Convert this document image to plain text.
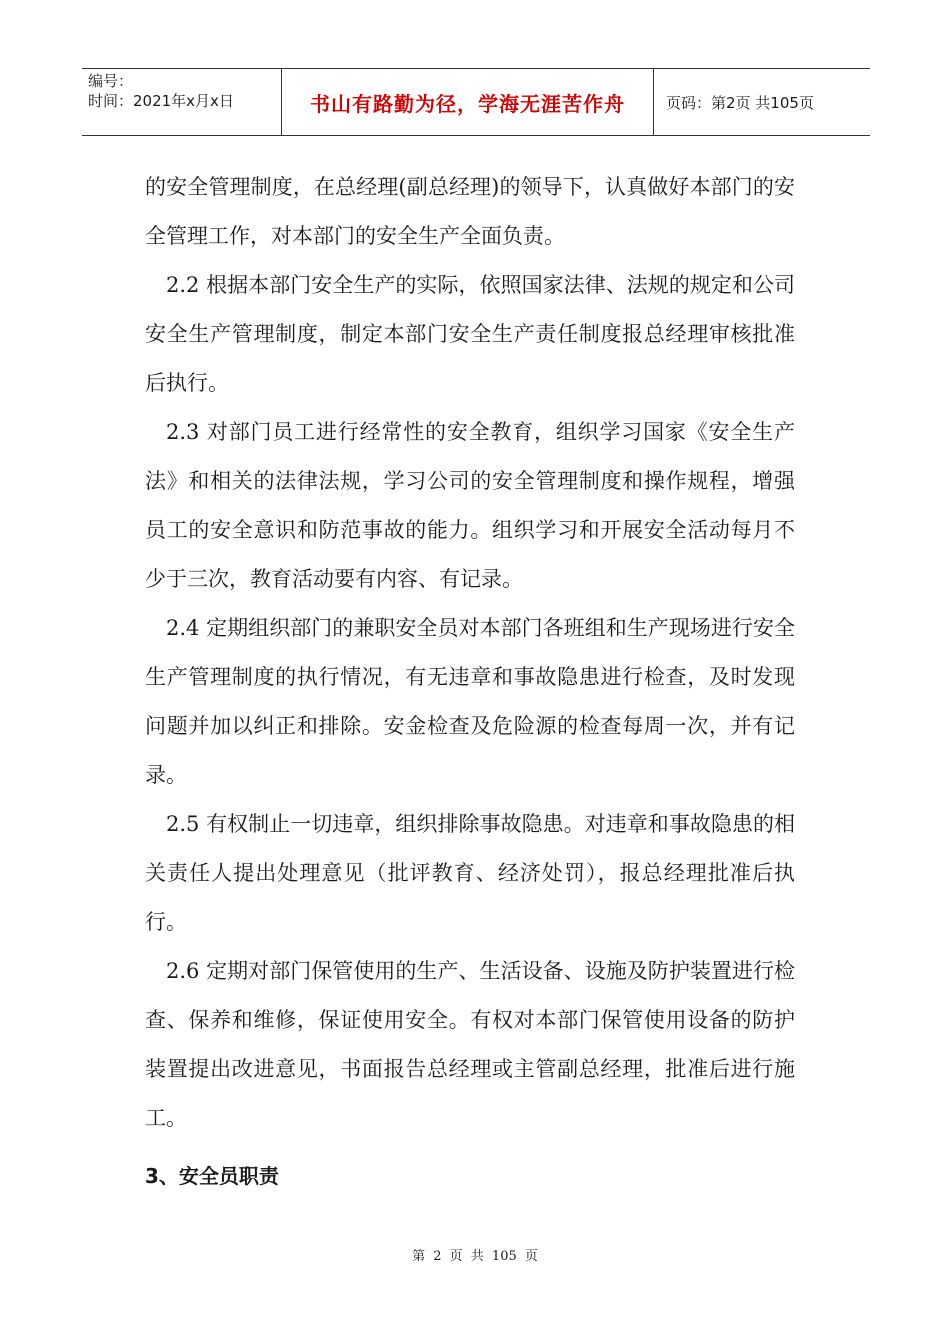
编号：
时间：2021年x月x日	书山有路勤为径，学海无涯苦作舟	页码：第2页 共105页

的安全管理制度，在总经理(副总经理)的领导下，认真做好本部门的安全管理工作，对本部门的安全生产全面负责。

2.2 根据本部门安全生产的实际，依照国家法律、法规的规定和公司安全生产管理制度，制定本部门安全生产责任制度报总经理审核批准后执行。

2.3 对部门员工进行经常性的安全教育，组织学习国家《安全生产法》和相关的法律法规，学习公司的安全管理制度和操作规程，增强员工的安全意识和防范事故的能力。组织学习和开展安全活动每月不少于三次，教育活动要有内容、有记录。

2.4 定期组织部门的兼职安全员对本部门各班组和生产现场进行安全生产管理制度的执行情况，有无违章和事故隐患进行检查，及时发现问题并加以纠正和排除。安金检查及危险源的检查每周一次，并有记录。

2.5 有权制止一切违章，组织排除事故隐患。对违章和事故隐患的相关责任人提出处理意见（批评教育、经济处罚），报总经理批准后执行。

2.6 定期对部门保管使用的生产、生活设备、设施及防护装置进行检查、保养和维修，保证使用安全。有权对本部门保管使用设备的防护装置提出改进意见，书面报告总经理或主管副总经理，批准后进行施工。

3、安全员职责
第 2 页 共 105 页
